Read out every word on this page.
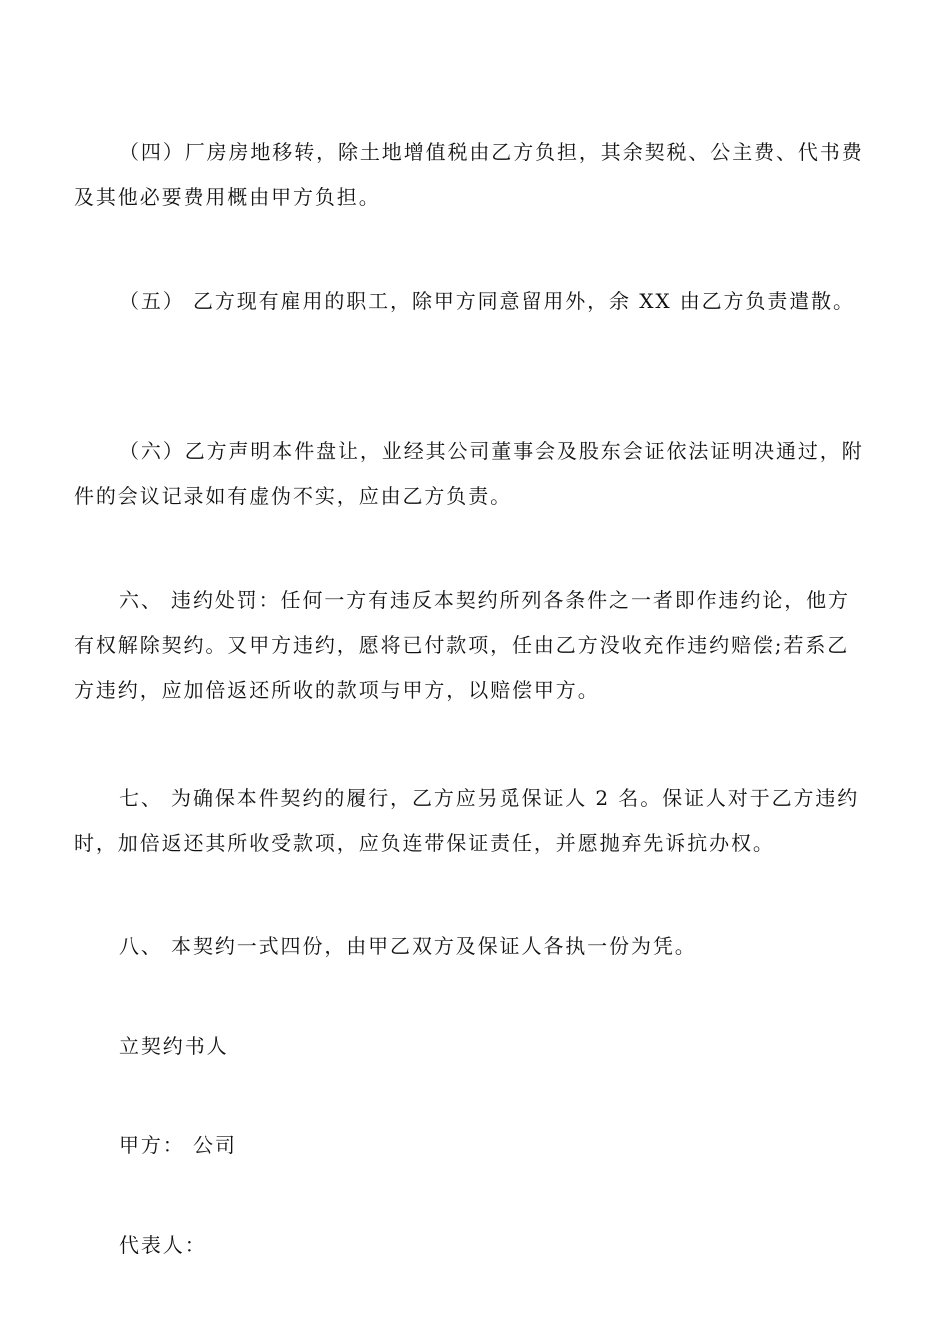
（四）厂房房地移转，除土地增值税由乙方负担，其余契税、公主费、代书费
及其他必要费用概由甲方负担。
（五） 乙方现有雇用的职工，除甲方同意留用外，余 XX 由乙方负责遣散。
（六）乙方声明本件盘让，业经其公司董事会及股东会证依法证明决通过，附
件的会议记录如有虚伪不实，应由乙方负责。
六、 违约处罚：任何一方有违反本契约所列各条件之一者即作违约论，他方
有权解除契约。又甲方违约，愿将已付款项，任由乙方没收充作违约赔偿;若系乙
方违约，应加倍返还所收的款项与甲方，以赔偿甲方。
七、 为确保本件契约的履行，乙方应另觅保证人 2 名。保证人对于乙方违约
时，加倍返还其所收受款项，应负连带保证责任，并愿抛弃先诉抗办权。
八、 本契约一式四份，由甲乙双方及保证人各执一份为凭。
立契约书人
甲方： 公司
代表人：
